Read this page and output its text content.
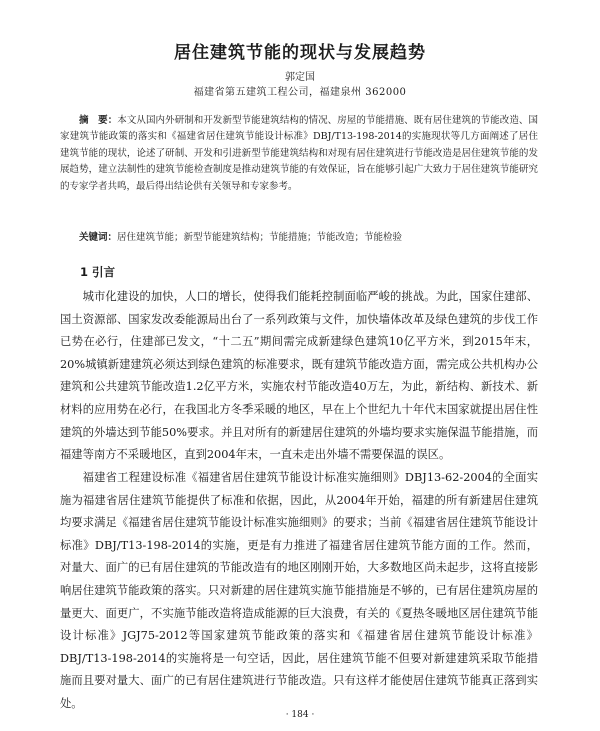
居住建筑节能的现状与发展趋势
郭定国
福建省第五建筑工程公司，福建泉州 362000

摘　要：本文从国内外研制和开发新型节能建筑结构的情况、房屋的节能措施、既有居住建筑的节能改造、国家建筑节能政策的落实和《福建省居住建筑节能设计标准》DBJ/T13-198-2014的实施现状等几方面阐述了居住建筑节能的现状，论述了研制、开发和引进新型节能建筑结构和对现有居住建筑进行节能改造是居住建筑节能的发展趋势，建立法制性的建筑节能检查制度是推动建筑节能的有效保证，旨在能够引起广大致力于居住建筑节能研究的专家学者共鸣，最后得出结论供有关领导和专家参考。

关键词：居住建筑节能；新型节能建筑结构；节能措施；节能改造；节能检验

1 引言

城市化建设的加快，人口的增长，使得我们能耗控制面临严峻的挑战。为此，国家住建部、国土资源部、国家发改委能源局出台了一系列政策与文件，加快墙体改革及绿色建筑的步伐工作已势在必行，住建部已发文，“十二五”期间需完成新建绿色建筑10亿平方米，到2015年末，20%城镇新建建筑必须达到绿色建筑的标准要求，既有建筑节能改造方面，需完成公共机构办公建筑和公共建筑节能改造1.2亿平方米，实施农村节能改造40万左，为此，新结构、新技术、新材料的应用势在必行，在我国北方冬季采暖的地区，早在上个世纪九十年代末国家就提出居住性建筑的外墙达到节能50%要求。并且对所有的新建居住建筑的外墙均要求实施保温节能措施，而福建等南方不采暖地区，直到2004年末，一直未走出外墙不需要保温的误区。

福建省工程建设标准《福建省居住建筑节能设计标准实施细则》DBJ13-62-2004的全面实施为福建省居住建筑节能提供了标准和依据，因此，从2004年开始，福建的所有新建居住建筑均要求满足《福建省居住建筑节能设计标准实施细则》的要求；当前《福建省居住建筑节能设计标准》DBJ/T13-198-2014的实施，更是有力推进了福建省居住建筑节能方面的工作。然而，对量大、面广的已有居住建筑的节能改造有的地区刚刚开始，大多数地区尚未起步，这将直接影响居住建筑节能政策的落实。只对新建的居住建筑实施节能措施是不够的，已有居住建筑房屋的量更大、面更广，不实施节能改造将造成能源的巨大浪费，有关的《夏热冬暖地区居住建筑节能设计标准》JGJ75-2012等国家建筑节能政策的落实和《福建省居住建筑节能设计标准》DBJ/T13-198-2014的实施将是一句空话，因此，居住建筑节能不但要对新建建筑采取节能措施而且要对量大、面广的已有居住建筑进行节能改造。只有这样才能使居住建筑节能真正落到实处。

· 184 ·
